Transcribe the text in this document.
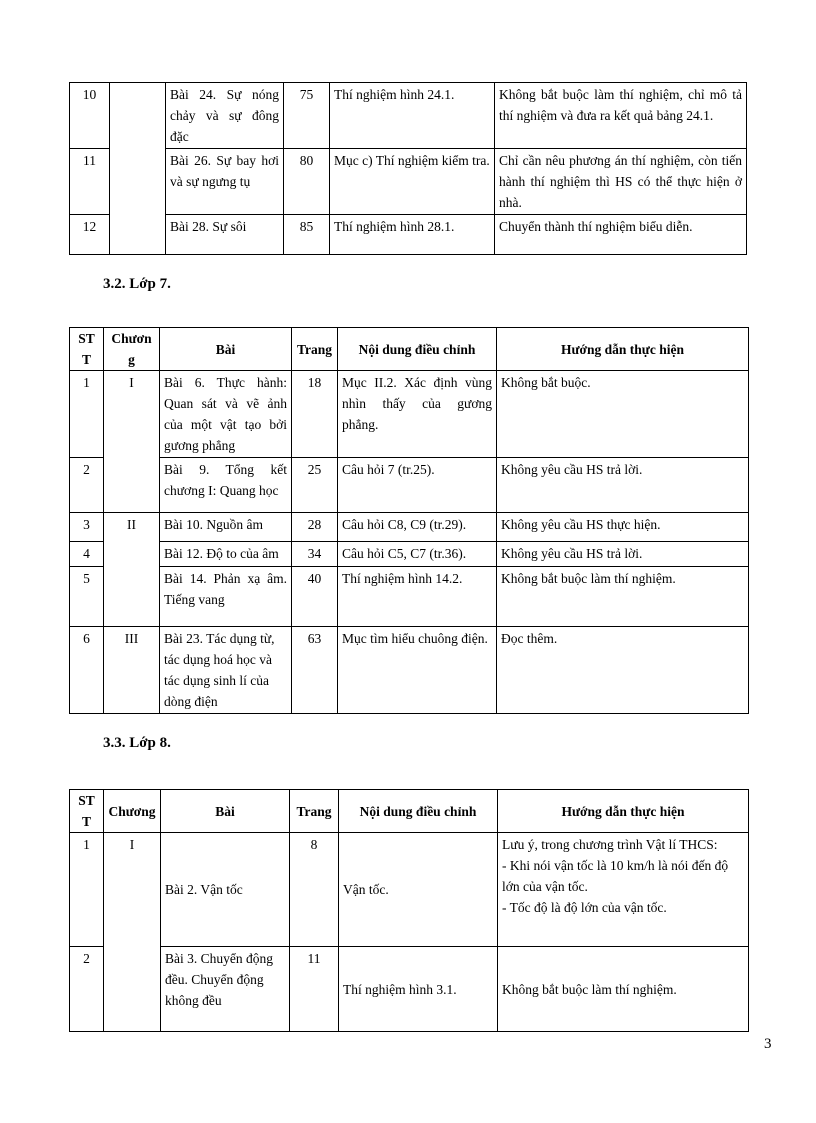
10		Bài 24. Sự nóng chảy và sự đông đặc	75	Thí nghiệm hình 24.1.	Không bắt buộc làm thí nghiệm, chỉ mô tả thí nghiệm và đưa ra kết quả bảng 24.1.
11		Bài 26. Sự bay hơi và sự ngưng tụ	80	Mục c) Thí nghiệm kiểm tra.	Chỉ cần nêu phương án thí nghiệm, còn tiến hành thí nghiệm thì HS có thể thực hiện ở nhà.
12		Bài 28. Sự sôi	85	Thí nghiệm hình 28.1.	Chuyển thành thí nghiệm biểu diễn.
3.2. Lớp 7.
STT	Chương	Bài	Trang	Nội dung điều chỉnh	Hướng dẫn thực hiện
1	I	Bài 6. Thực hành: Quan sát và vẽ ảnh của một vật tạo bởi gương phẳng	18	Mục II.2. Xác định vùng nhìn thấy của gương phẳng.	Không bắt buộc.
2		Bài 9. Tổng kết chương I: Quang học	25	Câu hỏi 7 (tr.25).	Không yêu cầu HS trả lời.
3	II	Bài 10. Nguồn âm	28	Câu hỏi C8, C9 (tr.29).	Không yêu cầu HS thực hiện.
4		Bài 12. Độ to của âm	34	Câu hỏi C5, C7 (tr.36).	Không yêu cầu HS trả lời.
5		Bài 14. Phản xạ âm. Tiếng vang	40	Thí nghiệm hình 14.2.	Không bắt buộc làm thí nghiệm.
6	III	Bài 23. Tác dụng từ, tác dụng hoá học và tác dụng sinh lí của dòng điện	63	Mục tìm hiểu chuông điện.	Đọc thêm.
3.3. Lớp 8.
STT	Chương	Bài	Trang	Nội dung điều chỉnh	Hướng dẫn thực hiện
1	I	Bài 2. Vận tốc	8	Vận tốc.	Lưu ý, trong chương trình Vật lí THCS:
- Khi nói vận tốc là 10 km/h là nói đến độ lớn của vận tốc.
- Tốc độ là độ lớn của vận tốc.

2		Bài 3. Chuyển động đều. Chuyển động không đều	11	Thí nghiệm hình 3.1.	Không bắt buộc làm thí nghiệm.
3
